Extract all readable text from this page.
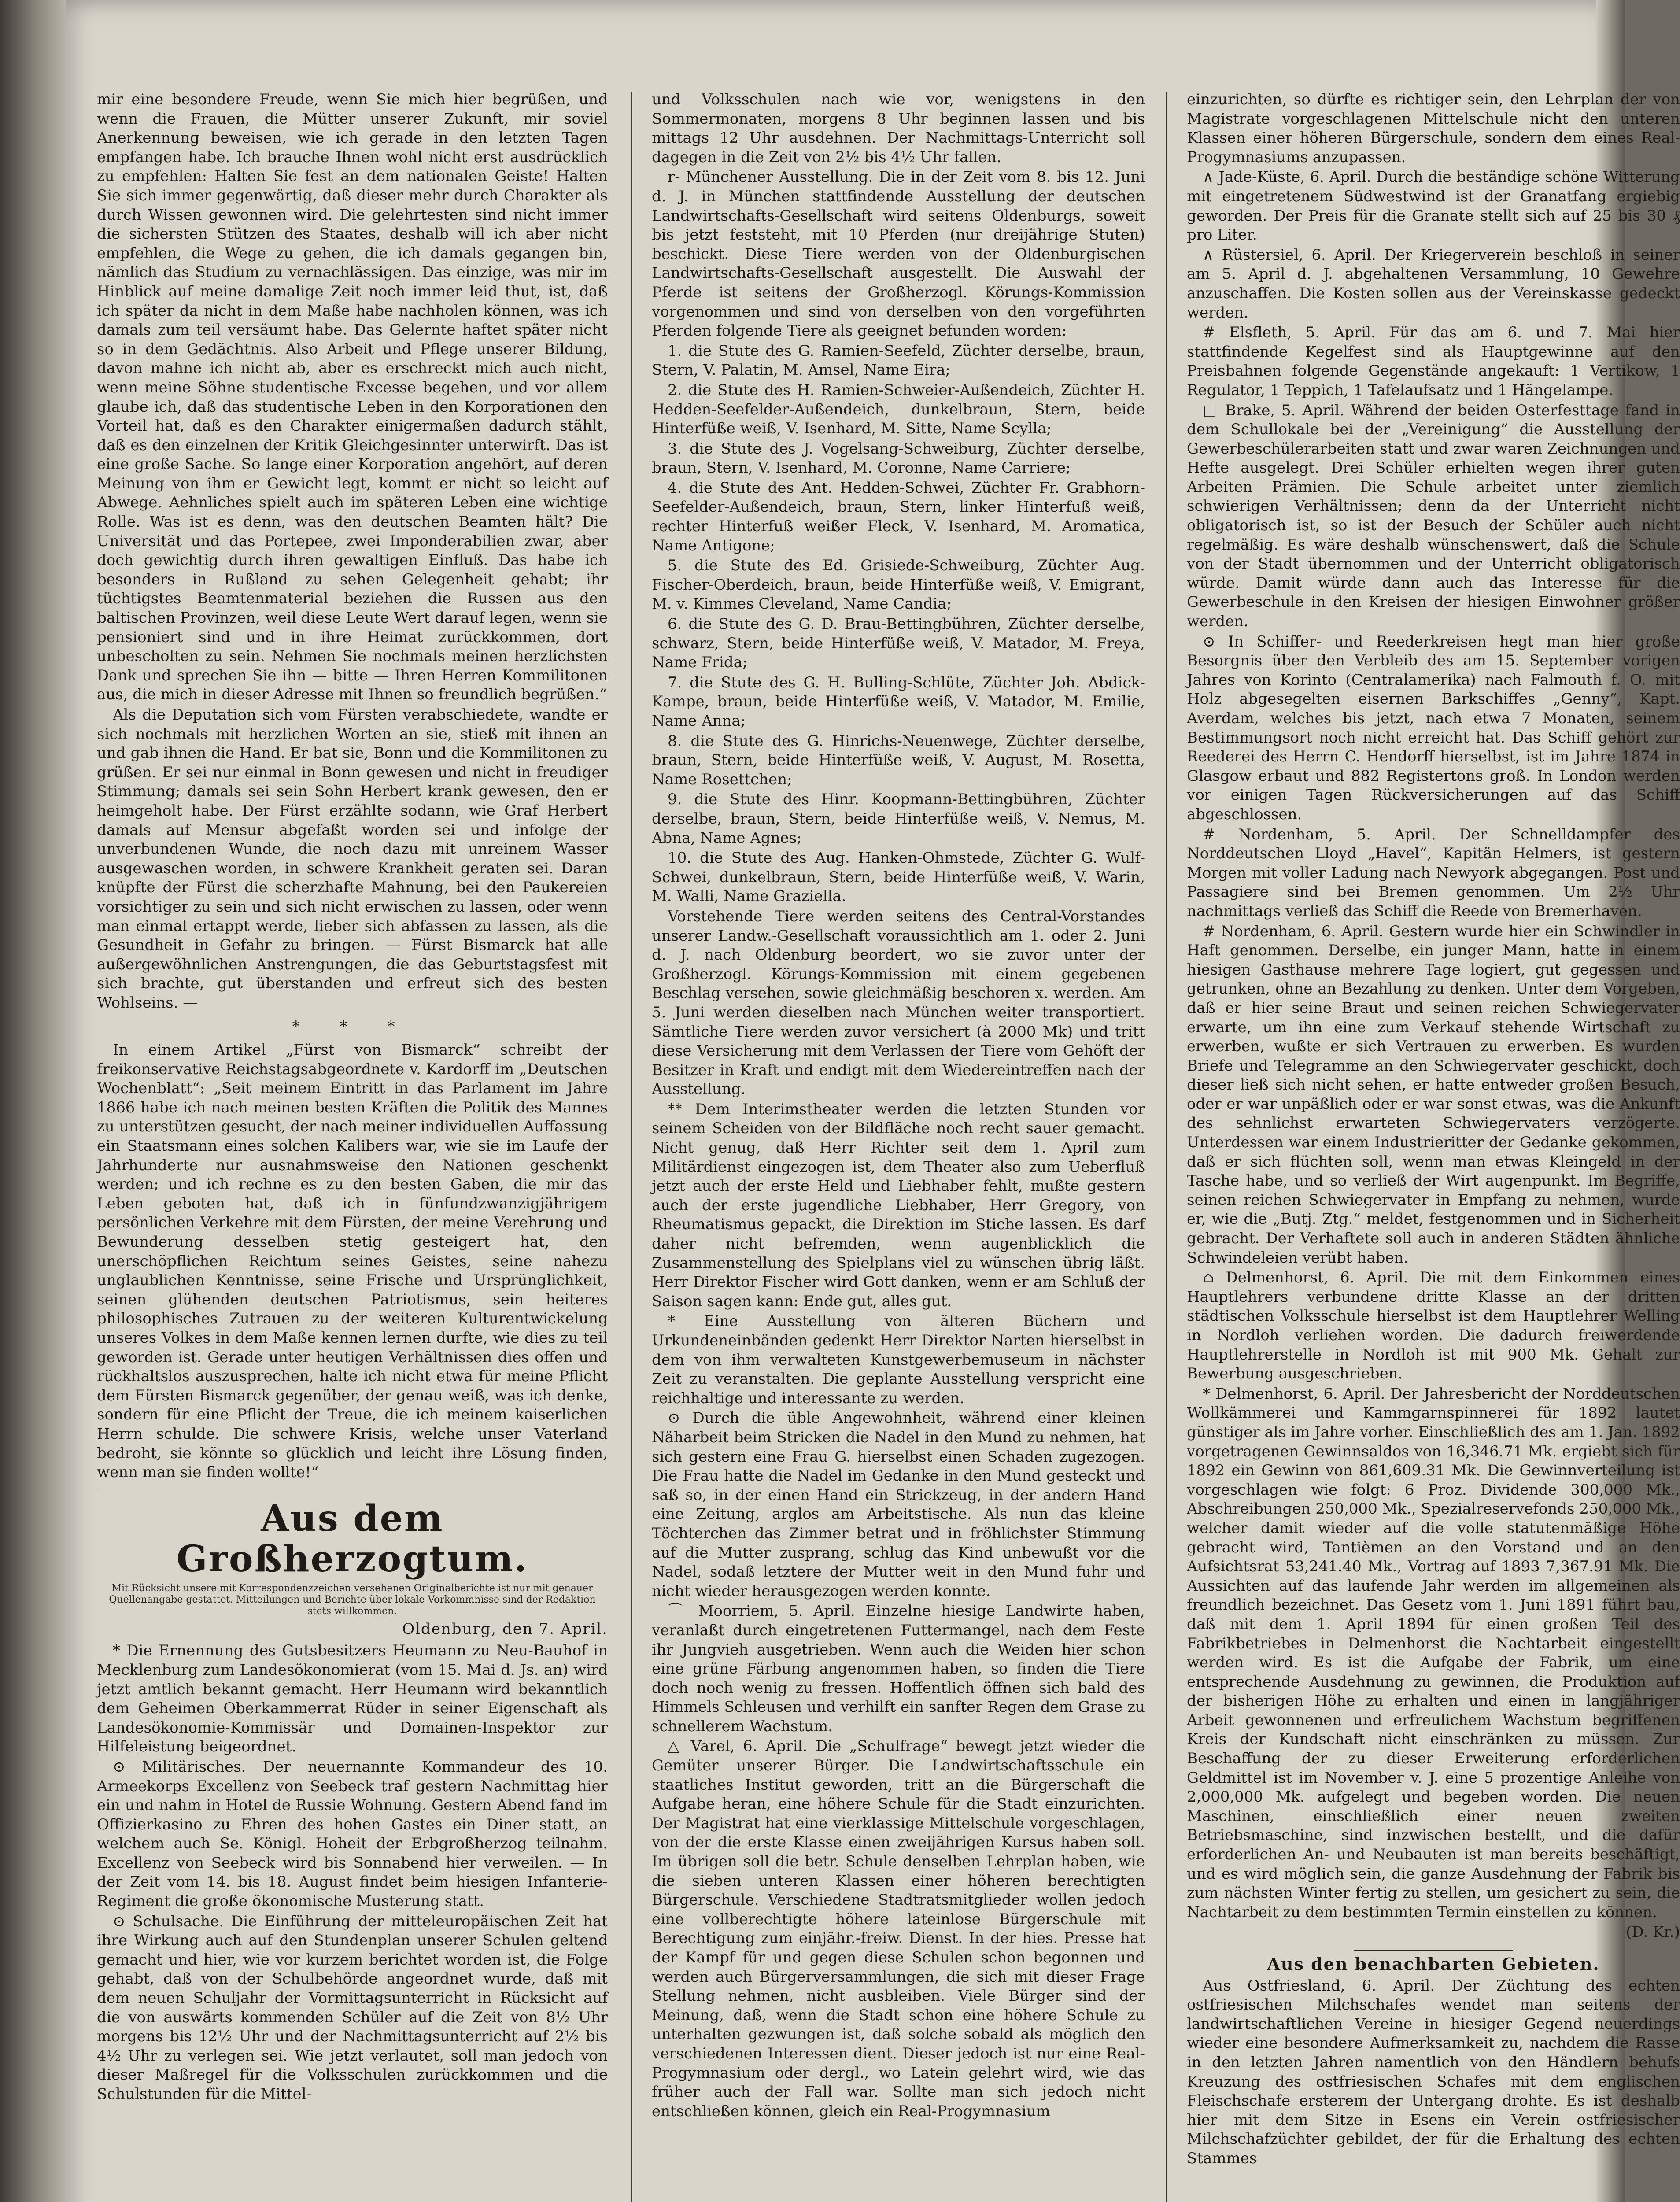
mir eine besondere Freude, wenn Sie mich hier begrüßen, und wenn die Frauen, die Mütter unserer Zukunft, mir soviel Anerkennung beweisen, wie ich gerade in den letzten Tagen empfangen habe. Ich brauche Ihnen wohl nicht erst ausdrücklich zu empfehlen: Halten Sie fest an dem nationalen Geiste! Halten Sie sich immer gegenwärtig, daß dieser mehr durch Charakter als durch Wissen gewonnen wird. Die gelehrtesten sind nicht immer die sichersten Stützen des Staates, deshalb will ich aber nicht empfehlen, die Wege zu gehen, die ich damals gegangen bin, nämlich das Studium zu vernachlässigen. Das einzige, was mir im Hinblick auf meine damalige Zeit noch immer leid thut, ist, daß ich später da nicht in dem Maße habe nachholen können, was ich damals zum teil versäumt habe. Das Gelernte haftet später nicht so in dem Gedächtnis. Also Arbeit und Pflege unserer Bildung, davon mahne ich nicht ab, aber es erschreckt mich auch nicht, wenn meine Söhne studentische Excesse begehen, und vor allem glaube ich, daß das studentische Leben in den Korporationen den Vorteil hat, daß es den Charakter einigermaßen dadurch stählt, daß es den einzelnen der Kritik Gleichgesinnter unterwirft. Das ist eine große Sache. So lange einer Korporation angehört, auf deren Meinung von ihm er Gewicht legt, kommt er nicht so leicht auf Abwege. Aehnliches spielt auch im späteren Leben eine wichtige Rolle. Was ist es denn, was den deutschen Beamten hält? Die Universität und das Portepee, zwei Imponderabilien zwar, aber doch gewichtig durch ihren gewaltigen Einfluß. Das habe ich besonders in Rußland zu sehen Gelegenheit gehabt; ihr tüchtigstes Beamtenmaterial beziehen die Russen aus den baltischen Provinzen, weil diese Leute Wert darauf legen, wenn sie pensioniert sind und in ihre Heimat zurückkommen, dort unbescholten zu sein. Nehmen Sie nochmals meinen herzlichsten Dank und sprechen Sie ihn — bitte — Ihren Herren Kommilitonen aus, die mich in dieser Adresse mit Ihnen so freundlich begrüßen.“

Als die Deputation sich vom Fürsten verabschiedete, wandte er sich nochmals mit herzlichen Worten an sie, stieß mit ihnen an und gab ihnen die Hand. Er bat sie, Bonn und die Kommilitonen zu grüßen. Er sei nur einmal in Bonn gewesen und nicht in freudiger Stimmung; damals sei sein Sohn Herbert krank gewesen, den er heimgeholt habe. Der Fürst erzählte sodann, wie Graf Herbert damals auf Mensur abgefaßt worden sei und infolge der unverbundenen Wunde, die noch dazu mit unreinem Wasser ausgewaschen worden, in schwere Krankheit geraten sei. Daran knüpfte der Fürst die scherzhafte Mahnung, bei den Paukereien vorsichtiger zu sein und sich nicht erwischen zu lassen, oder wenn man einmal ertappt werde, lieber sich abfassen zu lassen, als die Gesundheit in Gefahr zu bringen. — Fürst Bismarck hat alle außergewöhnlichen Anstrengungen, die das Geburtstagsfest mit sich brachte, gut überstanden und erfreut sich des besten Wohlseins. —

* * *

In einem Artikel „Fürst von Bismarck“ schreibt der freikonservative Reichstagsabgeordnete v. Kardorff im „Deutschen Wochenblatt“: „Seit meinem Eintritt in das Parlament im Jahre 1866 habe ich nach meinen besten Kräften die Politik des Mannes zu unterstützen gesucht, der nach meiner individuellen Auffassung ein Staatsmann eines solchen Kalibers war, wie sie im Laufe der Jahrhunderte nur ausnahmsweise den Nationen geschenkt werden; und ich rechne es zu den besten Gaben, die mir das Leben geboten hat, daß ich in fünfundzwanzigjährigem persönlichen Verkehre mit dem Fürsten, der meine Verehrung und Bewunderung desselben stetig gesteigert hat, den unerschöpflichen Reichtum seines Geistes, seine nahezu unglaublichen Kenntnisse, seine Frische und Ursprünglichkeit, seinen glühenden deutschen Patriotismus, sein heiteres philosophisches Zutrauen zu der weiteren Kulturentwickelung unseres Volkes in dem Maße kennen lernen durfte, wie dies zu teil geworden ist. Gerade unter heutigen Verhältnissen dies offen und rückhaltslos auszusprechen, halte ich nicht etwa für meine Pflicht dem Fürsten Bismarck gegenüber, der genau weiß, was ich denke, sondern für eine Pflicht der Treue, die ich meinem kaiserlichen Herrn schulde. Die schwere Krisis, welche unser Vaterland bedroht, sie könnte so glücklich und leicht ihre Lösung finden, wenn man sie finden wollte!“

Aus dem Großherzogtum.
Mit Rücksicht unsere mit Korrespondenzzeichen versehenen Originalberichte ist nur mit genauer Quellenangabe gestattet. Mitteilungen und Berichte über lokale Vorkommnisse sind der Redaktion stets willkommen.
Oldenburg, den 7. April.

* Die Ernennung des Gutsbesitzers Heumann zu Neu-Bauhof in Mecklenburg zum Landesökonomierat (vom 15. Mai d. Js. an) wird jetzt amtlich bekannt gemacht. Herr Heumann wird bekanntlich dem Geheimen Oberkammerrat Rüder in seiner Eigenschaft als Landesökonomie-Kommissär und Domainen-Inspektor zur Hilfeleistung beigeordnet.

⊙ Militärisches. Der neuernannte Kommandeur des 10. Armeekorps Excellenz von Seebeck traf gestern Nachmittag hier ein und nahm in Hotel de Russie Wohnung. Gestern Abend fand im Offizierkasino zu Ehren des hohen Gastes ein Diner statt, an welchem auch Se. Königl. Hoheit der Erbgroßherzog teilnahm. Excellenz von Seebeck wird bis Sonnabend hier verweilen. — In der Zeit vom 14. bis 18. August findet beim hiesigen Infanterie-Regiment die große ökonomische Musterung statt.

⊙ Schulsache. Die Einführung der mitteleuropäischen Zeit hat ihre Wirkung auch auf den Stundenplan unserer Schulen geltend gemacht und hier, wie vor kurzem berichtet worden ist, die Folge gehabt, daß von der Schulbehörde angeordnet wurde, daß mit dem neuen Schuljahr der Vormittagsunterricht in Rücksicht auf die von auswärts kommenden Schüler auf die Zeit von 8½ Uhr morgens bis 12½ Uhr und der Nachmittagsunterricht auf 2½ bis 4½ Uhr zu verlegen sei. Wie jetzt verlautet, soll man jedoch von dieser Maßregel für die Volksschulen zurückkommen und die Schulstunden für die Mittel-

und Volksschulen nach wie vor, wenigstens in den Sommermonaten, morgens 8 Uhr beginnen lassen und bis mittags 12 Uhr ausdehnen. Der Nachmittags-Unterricht soll dagegen in die Zeit von 2½ bis 4½ Uhr fallen.

r- Münchener Ausstellung. Die in der Zeit vom 8. bis 12. Juni d. J. in München stattfindende Ausstellung der deutschen Landwirtschafts-Gesellschaft wird seitens Oldenburgs, soweit bis jetzt feststeht, mit 10 Pferden (nur dreijährige Stuten) beschickt. Diese Tiere werden von der Oldenburgischen Landwirtschafts-Gesellschaft ausgestellt. Die Auswahl der Pferde ist seitens der Großherzogl. Körungs-Kommission vorgenommen und sind von derselben von den vorgeführten Pferden folgende Tiere als geeignet befunden worden:

1. die Stute des G. Ramien-Seefeld, Züchter derselbe, braun, Stern, V. Palatin, M. Amsel, Name Eira;

2. die Stute des H. Ramien-Schweier-Außendeich, Züchter H. Hedden-Seefelder-Außendeich, dunkelbraun, Stern, beide Hinterfüße weiß, V. Isenhard, M. Sitte, Name Scylla;

3. die Stute des J. Vogelsang-Schweiburg, Züchter derselbe, braun, Stern, V. Isenhard, M. Coronne, Name Carriere;

4. die Stute des Ant. Hedden-Schwei, Züchter Fr. Grabhorn-Seefelder-Außendeich, braun, Stern, linker Hinterfuß weiß, rechter Hinterfuß weißer Fleck, V. Isenhard, M. Aromatica, Name Antigone;

5. die Stute des Ed. Grisiede-Schweiburg, Züchter Aug. Fischer-Oberdeich, braun, beide Hinterfüße weiß, V. Emigrant, M. v. Kimmes Cleveland, Name Candia;

6. die Stute des G. D. Brau-Bettingbühren, Züchter derselbe, schwarz, Stern, beide Hinterfüße weiß, V. Matador, M. Freya, Name Frida;

7. die Stute des G. H. Bulling-Schlüte, Züchter Joh. Abdick-Kampe, braun, beide Hinterfüße weiß, V. Matador, M. Emilie, Name Anna;

8. die Stute des G. Hinrichs-Neuenwege, Züchter derselbe, braun, Stern, beide Hinterfüße weiß, V. August, M. Rosetta, Name Rosettchen;

9. die Stute des Hinr. Koopmann-Bettingbühren, Züchter derselbe, braun, Stern, beide Hinterfüße weiß, V. Nemus, M. Abna, Name Agnes;

10. die Stute des Aug. Hanken-Ohmstede, Züchter G. Wulf-Schwei, dunkelbraun, Stern, beide Hinterfüße weiß, V. Warin, M. Walli, Name Graziella.

Vorstehende Tiere werden seitens des Central-Vorstandes unserer Landw.-Gesellschaft voraussichtlich am 1. oder 2. Juni d. J. nach Oldenburg beordert, wo sie zuvor unter der Großherzogl. Körungs-Kommission mit einem gegebenen Beschlag versehen, sowie gleichmäßig beschoren x. werden. Am 5. Juni werden dieselben nach München weiter transportiert. Sämtliche Tiere werden zuvor versichert (à 2000 Mk) und tritt diese Versicherung mit dem Verlassen der Tiere vom Gehöft der Besitzer in Kraft und endigt mit dem Wiedereintreffen nach der Ausstellung.

** Dem Interimstheater werden die letzten Stunden vor seinem Scheiden von der Bildfläche noch recht sauer gemacht. Nicht genug, daß Herr Richter seit dem 1. April zum Militärdienst eingezogen ist, dem Theater also zum Ueberfluß jetzt auch der erste Held und Liebhaber fehlt, mußte gestern auch der erste jugendliche Liebhaber, Herr Gregory, von Rheumatismus gepackt, die Direktion im Stiche lassen. Es darf daher nicht befremden, wenn augenblicklich die Zusammenstellung des Spielplans viel zu wünschen übrig läßt. Herr Direktor Fischer wird Gott danken, wenn er am Schluß der Saison sagen kann: Ende gut, alles gut.

* Eine Ausstellung von älteren Büchern und Urkundeneinbänden gedenkt Herr Direktor Narten hierselbst in dem von ihm verwalteten Kunstgewerbemuseum in nächster Zeit zu veranstalten. Die geplante Ausstellung verspricht eine reichhaltige und interessante zu werden.

⊙ Durch die üble Angewohnheit, während einer kleinen Näharbeit beim Stricken die Nadel in den Mund zu nehmen, hat sich gestern eine Frau G. hierselbst einen Schaden zugezogen. Die Frau hatte die Nadel im Gedanke in den Mund gesteckt und saß so, in der einen Hand ein Strickzeug, in der andern Hand eine Zeitung, arglos am Arbeitstische. Als nun das kleine Töchterchen das Zimmer betrat und in fröhlichster Stimmung auf die Mutter zusprang, schlug das Kind unbewußt vor die Nadel, sodaß letztere der Mutter weit in den Mund fuhr und nicht wieder herausgezogen werden konnte.

⌒ Moorriem, 5. April. Einzelne hiesige Landwirte haben, veranlaßt durch eingetretenen Futtermangel, nach dem Feste ihr Jungvieh ausgetrieben. Wenn auch die Weiden hier schon eine grüne Färbung angenommen haben, so finden die Tiere doch noch wenig zu fressen. Hoffentlich öffnen sich bald des Himmels Schleusen und verhilft ein sanfter Regen dem Grase zu schnellerem Wachstum.

△ Varel, 6. April. Die „Schulfrage“ bewegt jetzt wieder die Gemüter unserer Bürger. Die Landwirtschaftsschule ein staatliches Institut geworden, tritt an die Bürgerschaft die Aufgabe heran, eine höhere Schule für die Stadt einzurichten. Der Magistrat hat eine vierklassige Mittelschule vorgeschlagen, von der die erste Klasse einen zweijährigen Kursus haben soll. Im übrigen soll die betr. Schule denselben Lehrplan haben, wie die sieben unteren Klassen einer höheren berechtigten Bürgerschule. Verschiedene Stadtratsmitglieder wollen jedoch eine vollberechtigte höhere lateinlose Bürgerschule mit Berechtigung zum einjähr.-freiw. Dienst. In der hies. Presse hat der Kampf für und gegen diese Schulen schon begonnen und werden auch Bürgerversammlungen, die sich mit dieser Frage Stellung nehmen, nicht ausbleiben. Viele Bürger sind der Meinung, daß, wenn die Stadt schon eine höhere Schule zu unterhalten gezwungen ist, daß solche sobald als möglich den verschiedenen Interessen dient. Dieser jedoch ist nur eine Real-Progymnasium oder dergl., wo Latein gelehrt wird, wie das früher auch der Fall war. Sollte man sich jedoch nicht entschließen können, gleich ein Real-Progymnasium

einzurichten, so dürfte es richtiger sein, den Lehrplan der von Magistrate vorgeschlagenen Mittelschule nicht den unteren Klassen einer höheren Bürgerschule, sondern dem eines Real-Progymnasiums anzupassen.

∧ Jade-Küste, 6. April. Durch die beständige schöne Witterung mit eingetretenem Südwestwind ist der Granatfang ergiebig geworden. Der Preis für die Granate stellt sich auf 25 bis 30 ₰ pro Liter.

∧ Rüstersiel, 6. April. Der Kriegerverein beschloß in seiner am 5. April d. J. abgehaltenen Versammlung, 10 Gewehre anzuschaffen. Die Kosten sollen aus der Vereinskasse gedeckt werden.

# Elsfleth, 5. April. Für das am 6. und 7. Mai hier stattfindende Kegelfest sind als Hauptgewinne auf den Preisbahnen folgende Gegenstände angekauft: 1 Vertikow, 1 Regulator, 1 Teppich, 1 Tafelaufsatz und 1 Hängelampe.

□ Brake, 5. April. Während der beiden Osterfesttage fand in dem Schullokale bei der „Vereinigung“ die Ausstellung der Gewerbeschülerarbeiten statt und zwar waren Zeichnungen und Hefte ausgelegt. Drei Schüler erhielten wegen ihrer guten Arbeiten Prämien. Die Schule arbeitet unter ziemlich schwierigen Verhältnissen; denn da der Unterricht nicht obligatorisch ist, so ist der Besuch der Schüler auch nicht regelmäßig. Es wäre deshalb wünschenswert, daß die Schule von der Stadt übernommen und der Unterricht obligatorisch würde. Damit würde dann auch das Interesse für die Gewerbeschule in den Kreisen der hiesigen Einwohner größer werden.

⊙ In Schiffer- und Reederkreisen hegt man hier große Besorgnis über den Verbleib des am 15. September vorigen Jahres von Korinto (Centralamerika) nach Falmouth f. O. mit Holz abgesegelten eisernen Barkschiffes „Genny“, Kapt. Averdam, welches bis jetzt, nach etwa 7 Monaten, seinem Bestimmungsort noch nicht erreicht hat. Das Schiff gehört zur Reederei des Herrn C. Hendorff hierselbst, ist im Jahre 1874 in Glasgow erbaut und 882 Registertons groß. In London werden vor einigen Tagen Rückversicherungen auf das Schiff abgeschlossen.

# Nordenham, 5. April. Der Schnelldampfer des Norddeutschen Lloyd „Havel“, Kapitän Helmers, ist gestern Morgen mit voller Ladung nach Newyork abgegangen. Post und Passagiere sind bei Bremen genommen. Um 2½ Uhr nachmittags verließ das Schiff die Reede von Bremerhaven.

# Nordenham, 6. April. Gestern wurde hier ein Schwindler in Haft genommen. Derselbe, ein junger Mann, hatte in einem hiesigen Gasthause mehrere Tage logiert, gut gegessen und getrunken, ohne an Bezahlung zu denken. Unter dem Vorgeben, daß er hier seine Braut und seinen reichen Schwiegervater erwarte, um ihn eine zum Verkauf stehende Wirtschaft zu erwerben, wußte er sich Vertrauen zu erwerben. Es wurden Briefe und Telegramme an den Schwiegervater geschickt, doch dieser ließ sich nicht sehen, er hatte entweder großen Besuch, oder er war unpäßlich oder er war sonst etwas, was die Ankunft des sehnlichst erwarteten Schwiegervaters verzögerte. Unterdessen war einem Industrieritter der Gedanke gekommen, daß er sich flüchten soll, wenn man etwas Kleingeld in der Tasche habe, und so verließ der Wirt augenpunkt. Im Begriffe, seinen reichen Schwiegervater in Empfang zu nehmen, wurde er, wie die „Butj. Ztg.“ meldet, festgenommen und in Sicherheit gebracht. Der Verhaftete soll auch in anderen Städten ähnliche Schwindeleien verübt haben.

⌂ Delmenhorst, 6. April. Die mit dem Einkommen eines Hauptlehrers verbundene dritte Klasse an der dritten städtischen Volksschule hierselbst ist dem Hauptlehrer Welling in Nordloh verliehen worden. Die dadurch freiwerdende Hauptlehrerstelle in Nordloh ist mit 900 Mk. Gehalt zur Bewerbung ausgeschrieben.

* Delmenhorst, 6. April. Der Jahresbericht der Norddeutschen Wollkämmerei und Kammgarnspinnerei für 1892 lautet günstiger als im Jahre vorher. Einschließlich des am 1. Jan. 1892 vorgetragenen Gewinnsaldos von 16,346.71 Mk. ergiebt sich für 1892 ein Gewinn von 861,609.31 Mk. Die Gewinnverteilung ist vorgeschlagen wie folgt: 6 Proz. Dividende 300,000 Mk., Abschreibungen 250,000 Mk., Spezialreservefonds 250,000 Mk., welcher damit wieder auf die volle statutenmäßige Höhe gebracht wird, Tantièmen an den Vorstand und an den Aufsichtsrat 53,241.40 Mk., Vortrag auf 1893 7,367.91 Mk. Die Aussichten auf das laufende Jahr werden im allgemeinen als freundlich bezeichnet. Das Gesetz vom 1. Juni 1891 führt bau, daß mit dem 1. April 1894 für einen großen Teil des Fabrikbetriebes in Delmenhorst die Nachtarbeit eingestellt werden wird. Es ist die Aufgabe der Fabrik, um eine entsprechende Ausdehnung zu gewinnen, die Produktion auf der bisherigen Höhe zu erhalten und einen in langjähriger Arbeit gewonnenen und erfreulichem Wachstum begriffenen Kreis der Kundschaft nicht einschränken zu müssen. Zur Beschaffung der zu dieser Erweiterung erforderlichen Geldmittel ist im November v. J. eine 5 prozentige Anleihe von 2,000,000 Mk. aufgelegt und begeben worden. Die neuen Maschinen, einschließlich einer neuen zweiten Betriebsmaschine, sind inzwischen bestellt, und die dafür erforderlichen An- und Neubauten ist man bereits beschäftigt, und es wird möglich sein, die ganze Ausdehnung der Fabrik bis zum nächsten Winter fertig zu stellen, um gesichert zu sein, die Nachtarbeit zu dem bestimmten Termin einstellen zu können.

(D. Kr.)
Aus den benachbarten Gebieten.

Aus Ostfriesland, 6. April. Der Züchtung des echten ostfriesischen Milchschafes wendet man seitens der landwirtschaftlichen Vereine in hiesiger Gegend neuerdings wieder eine besondere Aufmerksamkeit zu, nachdem die Rasse in den letzten Jahren namentlich von den Händlern behufs Kreuzung des ostfriesischen Schafes mit dem englischen Fleischschafe ersterem der Untergang drohte. Es ist deshalb hier mit dem Sitze in Esens ein Verein ostfriesischer Milchschafzüchter gebildet, der für die Erhaltung des echten Stammes
